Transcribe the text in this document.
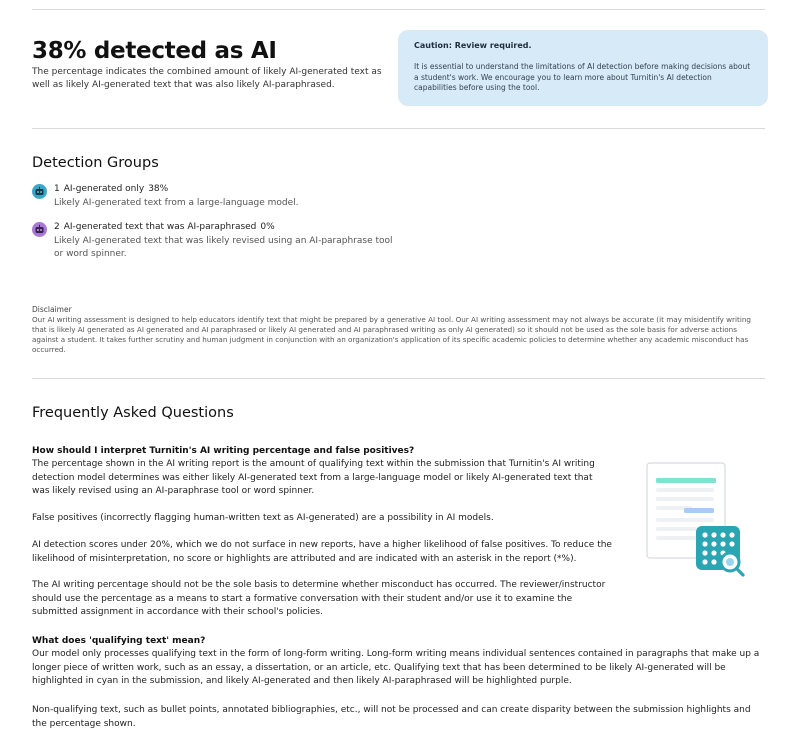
38% detected as AI
The percentage indicates the combined amount of likely AI-generated text as well as likely AI-generated text that was also likely AI-paraphrased.
Caution: Review required.
It is essential to understand the limitations of AI detection before making decisions about a student's work. We encourage you to learn more about Turnitin's AI detection capabilities before using the tool.
Detection Groups
1 AI-generated only 38%
Likely AI-generated text from a large-language model.
2 AI-generated text that was AI-paraphrased 0%
Likely AI-generated text that was likely revised using an AI-paraphrase tool or word spinner.
Disclaimer
Our AI writing assessment is designed to help educators identify text that might be prepared by a generative AI tool. Our AI writing assessment may not always be accurate (it may misidentify writing that is likely AI generated as AI generated and AI paraphrased or likely AI generated and AI paraphrased writing as only AI generated) so it should not be used as the sole basis for adverse actions against a student. It takes further scrutiny and human judgment in conjunction with an organization's application of its specific academic policies to determine whether any academic misconduct has occurred.
Frequently Asked Questions
How should I interpret Turnitin's AI writing percentage and false positives?
The percentage shown in the AI writing report is the amount of qualifying text within the submission that Turnitin's AI writing detection model determines was either likely AI-generated text from a large-language model or likely AI-generated text that was likely revised using an AI-paraphrase tool or word spinner.
False positives (incorrectly flagging human-written text as AI-generated) are a possibility in AI models.
AI detection scores under 20%, which we do not surface in new reports, have a higher likelihood of false positives. To reduce the likelihood of misinterpretation, no score or highlights are attributed and are indicated with an asterisk in the report (*%).
The AI writing percentage should not be the sole basis to determine whether misconduct has occurred. The reviewer/instructor should use the percentage as a means to start a formative conversation with their student and/or use it to examine the submitted assignment in accordance with their school's policies.
What does 'qualifying text' mean?
Our model only processes qualifying text in the form of long-form writing. Long-form writing means individual sentences contained in paragraphs that make up a longer piece of written work, such as an essay, a dissertation, or an article, etc. Qualifying text that has been determined to be likely AI-generated will be highlighted in cyan in the submission, and likely AI-generated and then likely AI-paraphrased will be highlighted purple.
Non-qualifying text, such as bullet points, annotated bibliographies, etc., will not be processed and can create disparity between the submission highlights and the percentage shown.
